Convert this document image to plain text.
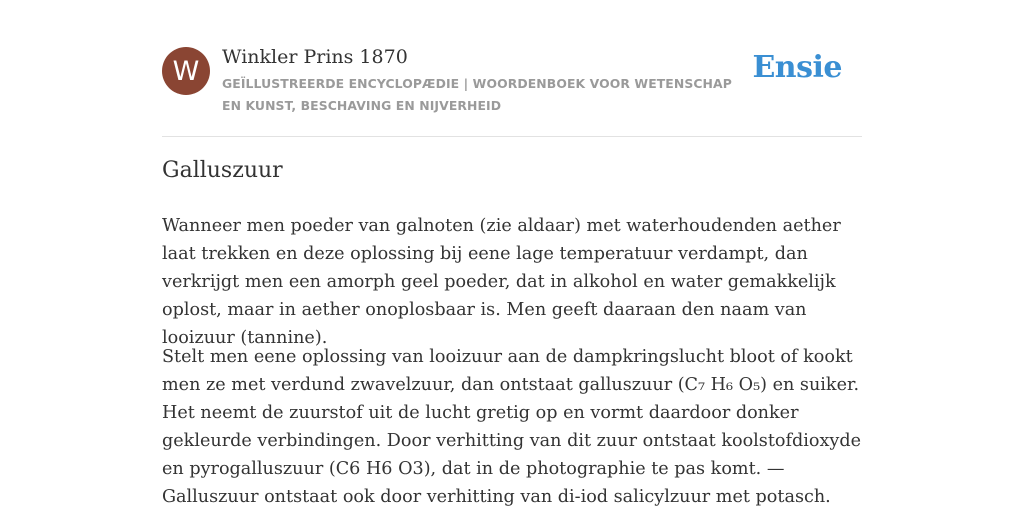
W	Winkler Prins 1870
GEÏLLUSTREERDE ENCYCLOPÆDIE | WOORDENBOEK VOOR WETENSCHAP EN KUNST, BESCHAVING EN NIJVERHEID
Ensie
Galluszuur

Wanneer men poeder van galnoten (zie aldaar) met waterhoudenden aether laat trekken en deze oplossing bij eene lage temperatuur verdampt, dan verkrijgt men een amorph geel poeder, dat in alkohol en water gemakkelijk oplost, maar in aether onoplosbaar is. Men geeft daaraan den naam van looizuur (tannine).

Stelt men eene oplossing van looizuur aan de dampkringslucht bloot of kookt men ze met verdund zwavelzuur, dan ontstaat galluszuur (C₇ H₆ O₅) en suiker. Het neemt de zuurstof uit de lucht gretig op en vormt daardoor donker gekleurde verbindingen. Door verhitting van dit zuur ontstaat koolstofdioxyde en pyrogalluszuur (C6 H6 O3), dat in de photographie te pas komt. — Galluszuur ontstaat ook door verhitting van di-iod salicylzuur met potasch.
